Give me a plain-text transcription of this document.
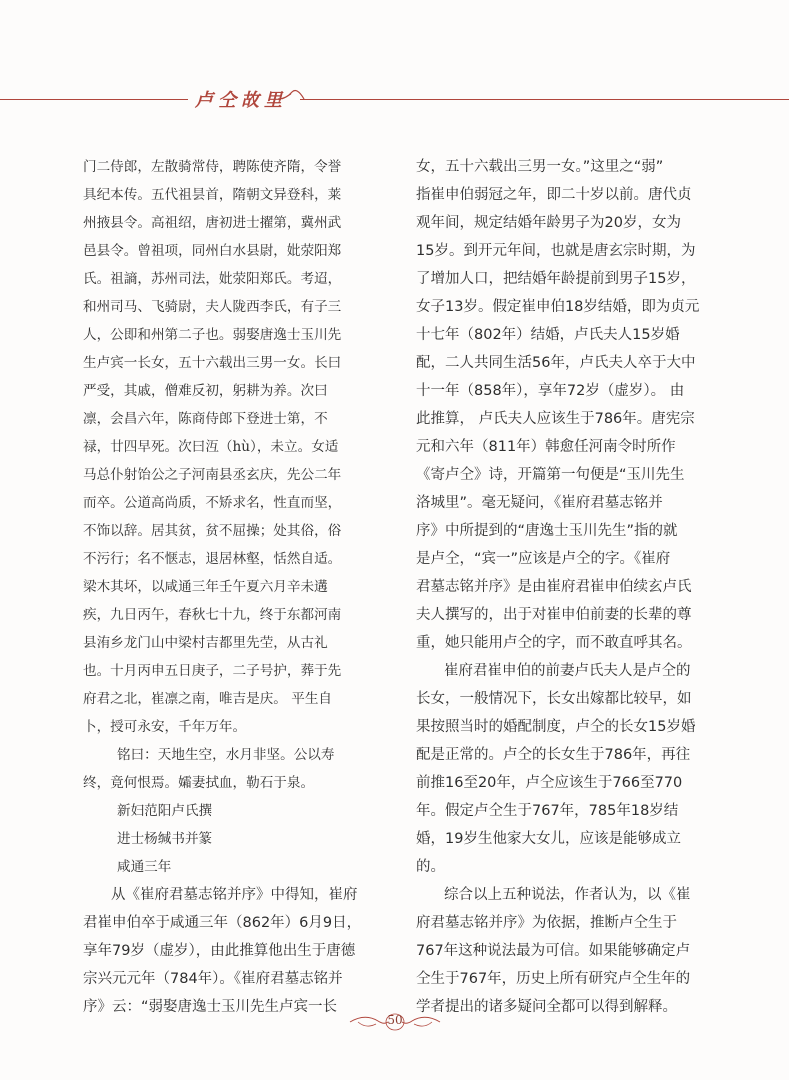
卢仝故里
门二侍郎，左散骑常侍，聘陈使齐隋，令誉
具纪本传。五代祖昙首，隋朝文异登科，莱
州掖县令。高祖绍，唐初进士擢第，冀州武
邑县令。曾祖项，同州白水县尉，妣荥阳郑
氏。祖謪，苏州司法，妣荥阳郑氏。考迢，
和州司马、飞骑尉，夫人陇西李氏，有子三
人，公即和州第二子也。弱娶唐逸士玉川先
生卢宾一长女，五十六载出三男一女。长曰
严受，其戚，僧难反初，躬耕为养。次曰
凛，会昌六年，陈商侍郎下登进士第，不
禄，廿四早死。次曰沍（hù），未立。女适
马总仆射饴公之子河南县丞玄庆，先公二年
而卒。公道高尚质，不矫求名，性直而坚，
不饰以辞。居其贫，贫不屈操；处其俗，俗
不污行；名不惬志，退居林壑，恬然自适。
梁木其坏，以咸通三年壬午夏六月辛未遘
疾，九日丙午，春秋七十九，终于东都河南
县洧乡龙门山中梁村吉都里先茔，从古礼
也。十月丙申五日庚子，二子号护，葬于先
府君之北，崔凛之南，唯吉是庆。 平生自
卜，授可永安，千年万年。
铭曰：天地生空，水月非坚。公以寿
终，竟何恨焉。孀妻拭血，勒石于泉。
新妇范阳卢氏撰
进士杨缄书并篆
咸通三年
从《崔府君墓志铭并序》中得知，崔府
君崔申伯卒于咸通三年（862年）6月9日，
享年79岁（虚岁），由此推算他出生于唐德
宗兴元元年（784年）。《崔府君墓志铭并
序》云：“弱娶唐逸士玉川先生卢宾一长
女，五十六载出三男一女。”这里之“弱”
指崔申伯弱冠之年，即二十岁以前。唐代贞
观年间，规定结婚年龄男子为20岁，女为
15岁。到开元年间，也就是唐玄宗时期，为
了增加人口，把结婚年龄提前到男子15岁，
女子13岁。假定崔申伯18岁结婚，即为贞元
十七年（802年）结婚，卢氏夫人15岁婚
配，二人共同生活56年，卢氏夫人卒于大中
十一年（858年），享年72岁（虚岁）。 由
此推算， 卢氏夫人应该生于786年。唐宪宗
元和六年（811年）韩愈任河南令时所作
《寄卢仝》诗，开篇第一句便是“玉川先生
洛城里”。毫无疑问，《崔府君墓志铭并
序》中所提到的“唐逸士玉川先生”指的就
是卢仝，“宾一”应该是卢仝的字。《崔府
君墓志铭并序》是由崔府君崔申伯续玄卢氏
夫人撰写的，出于对崔申伯前妻的长辈的尊
重，她只能用卢仝的字，而不敢直呼其名。
崔府君崔申伯的前妻卢氏夫人是卢仝的
长女，一般情况下，长女出嫁都比较早，如
果按照当时的婚配制度，卢仝的长女15岁婚
配是正常的。卢仝的长女生于786年，再往
前推16至20年，卢仝应该生于766至770
年。假定卢仝生于767年，785年18岁结
婚，19岁生他家大女儿，应该是能够成立
的。
综合以上五种说法，作者认为，以《崔
府君墓志铭并序》为依据，推断卢仝生于
767年这种说法最为可信。如果能够确定卢
仝生于767年，历史上所有研究卢仝生年的
学者提出的诸多疑问全都可以得到解释。
50
